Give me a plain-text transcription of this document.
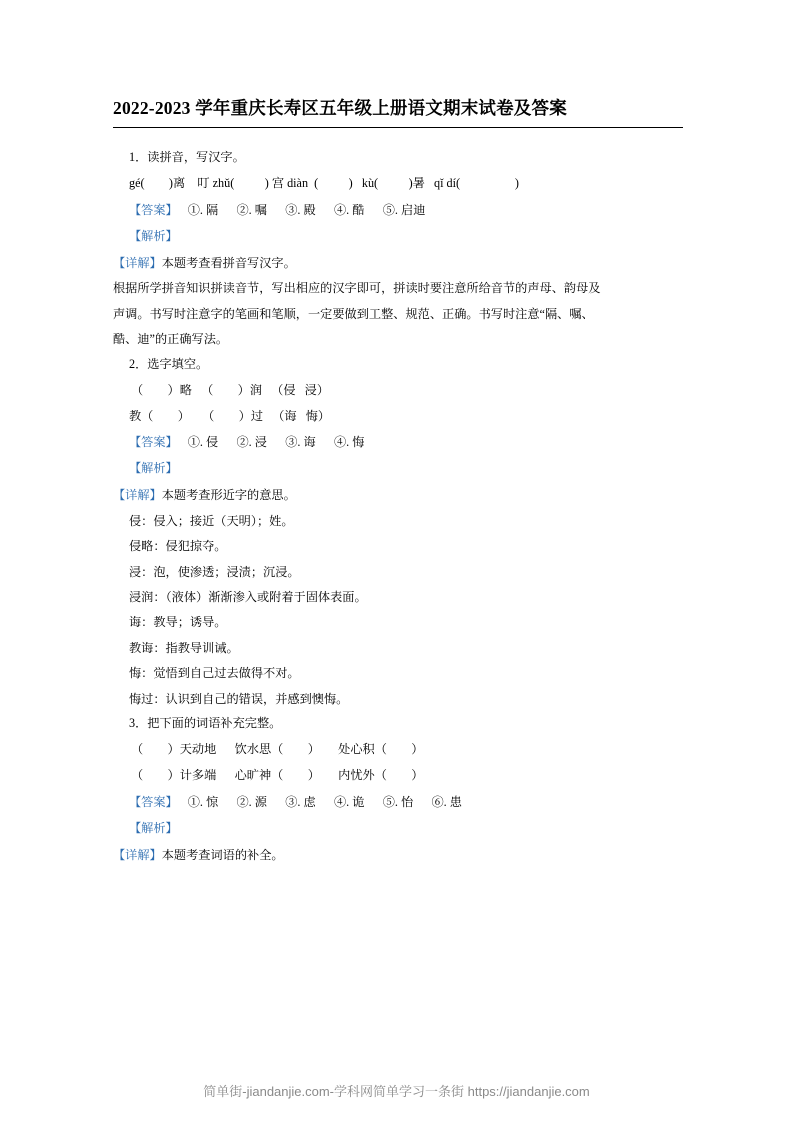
2022-2023 学年重庆长寿区五年级上册语文期末试卷及答案
1．读拼音，写汉字。
gé(        )离    叮 zhǔ(          ) 宫 diàn  (          )   kù(          )暑   qǐ dí(                  )
【答案】 ①. 隔      ②. 嘱      ③. 殿      ④. 酷      ⑤. 启迪
【解析】
【详解】本题考查看拼音写汉字。
根据所学拼音知识拼读音节，写出相应的汉字即可，拼读时要注意所给音节的声母、韵母及
声调。书写时注意字的笔画和笔顺，一定要做到工整、规范、正确。书写时注意“隔、嘱、
酷、迪”的正确写法。
2．选字填空。
（        ）略   （        ）润   （侵   浸）
教（        ）    （        ）过   （诲   悔）
【答案】 ①. 侵      ②. 浸      ③. 诲      ④. 悔
【解析】
【详解】本题考查形近字的意思。
侵：侵入；接近（天明）；姓。
侵略：侵犯掠夺。
浸：泡，使渗透；浸渍；沉浸。
浸润：（液体）渐渐渗入或附着于固体表面。
诲：教导；诱导。
教诲：指教导训诫。
悔：觉悟到自己过去做得不对。
悔过：认识到自己的错误，并感到懊悔。
3．把下面的词语补充完整。
（        ）天动地      饮水思（        ）      处心积（        ）
（        ）计多端      心旷神（        ）      内忧外（        ）
【答案】 ①. 惊      ②. 源      ③. 虑      ④. 诡      ⑤. 怡      ⑥. 患
【解析】
【详解】本题考查词语的补全。
简单街-jiandanjie.com-学科网简单学习一条街 https://jiandanjie.com
